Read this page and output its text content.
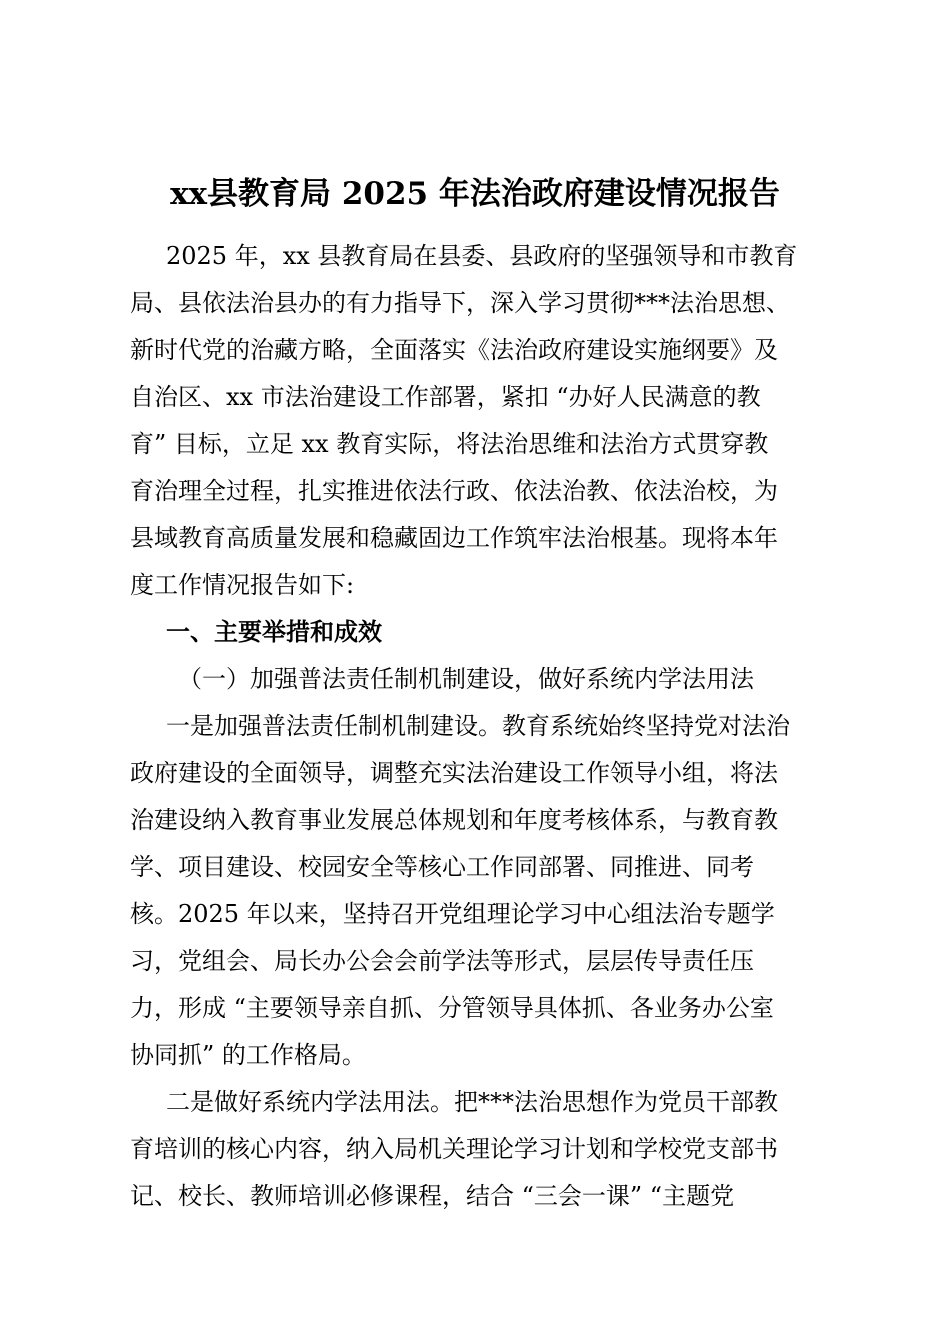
xx县教育局 2025 年法治政府建设情况报告
2025 年，xx 县教育局在县委、县政府的坚强领导和市教育
局、县依法治县办的有力指导下，深入学习贯彻***法治思想、
新时代党的治藏方略，全面落实《法治政府建设实施纲要》及
自治区、xx 市法治建设工作部署，紧扣 “办好人民满意的教
育” 目标，立足 xx 教育实际，将法治思维和法治方式贯穿教
育治理全过程，扎实推进依法行政、依法治教、依法治校，为
县域教育高质量发展和稳藏固边工作筑牢法治根基。现将本年
度工作情况报告如下:
一、主要举措和成效
（一）加强普法责任制机制建设，做好系统内学法用法
一是加强普法责任制机制建设。教育系统始终坚持党对法治
政府建设的全面领导，调整充实法治建设工作领导小组，将法
治建设纳入教育事业发展总体规划和年度考核体系，与教育教
学、项目建设、校园安全等核心工作同部署、同推进、同考
核。2025 年以来，坚持召开党组理论学习中心组法治专题学
习，党组会、局长办公会会前学法等形式，层层传导责任压
力，形成 “主要领导亲自抓、分管领导具体抓、各业务办公室
协同抓” 的工作格局。
二是做好系统内学法用法。把***法治思想作为党员干部教
育培训的核心内容，纳入局机关理论学习计划和学校党支部书
记、校长、教师培训必修课程，结合 “三会一课” “主题党
